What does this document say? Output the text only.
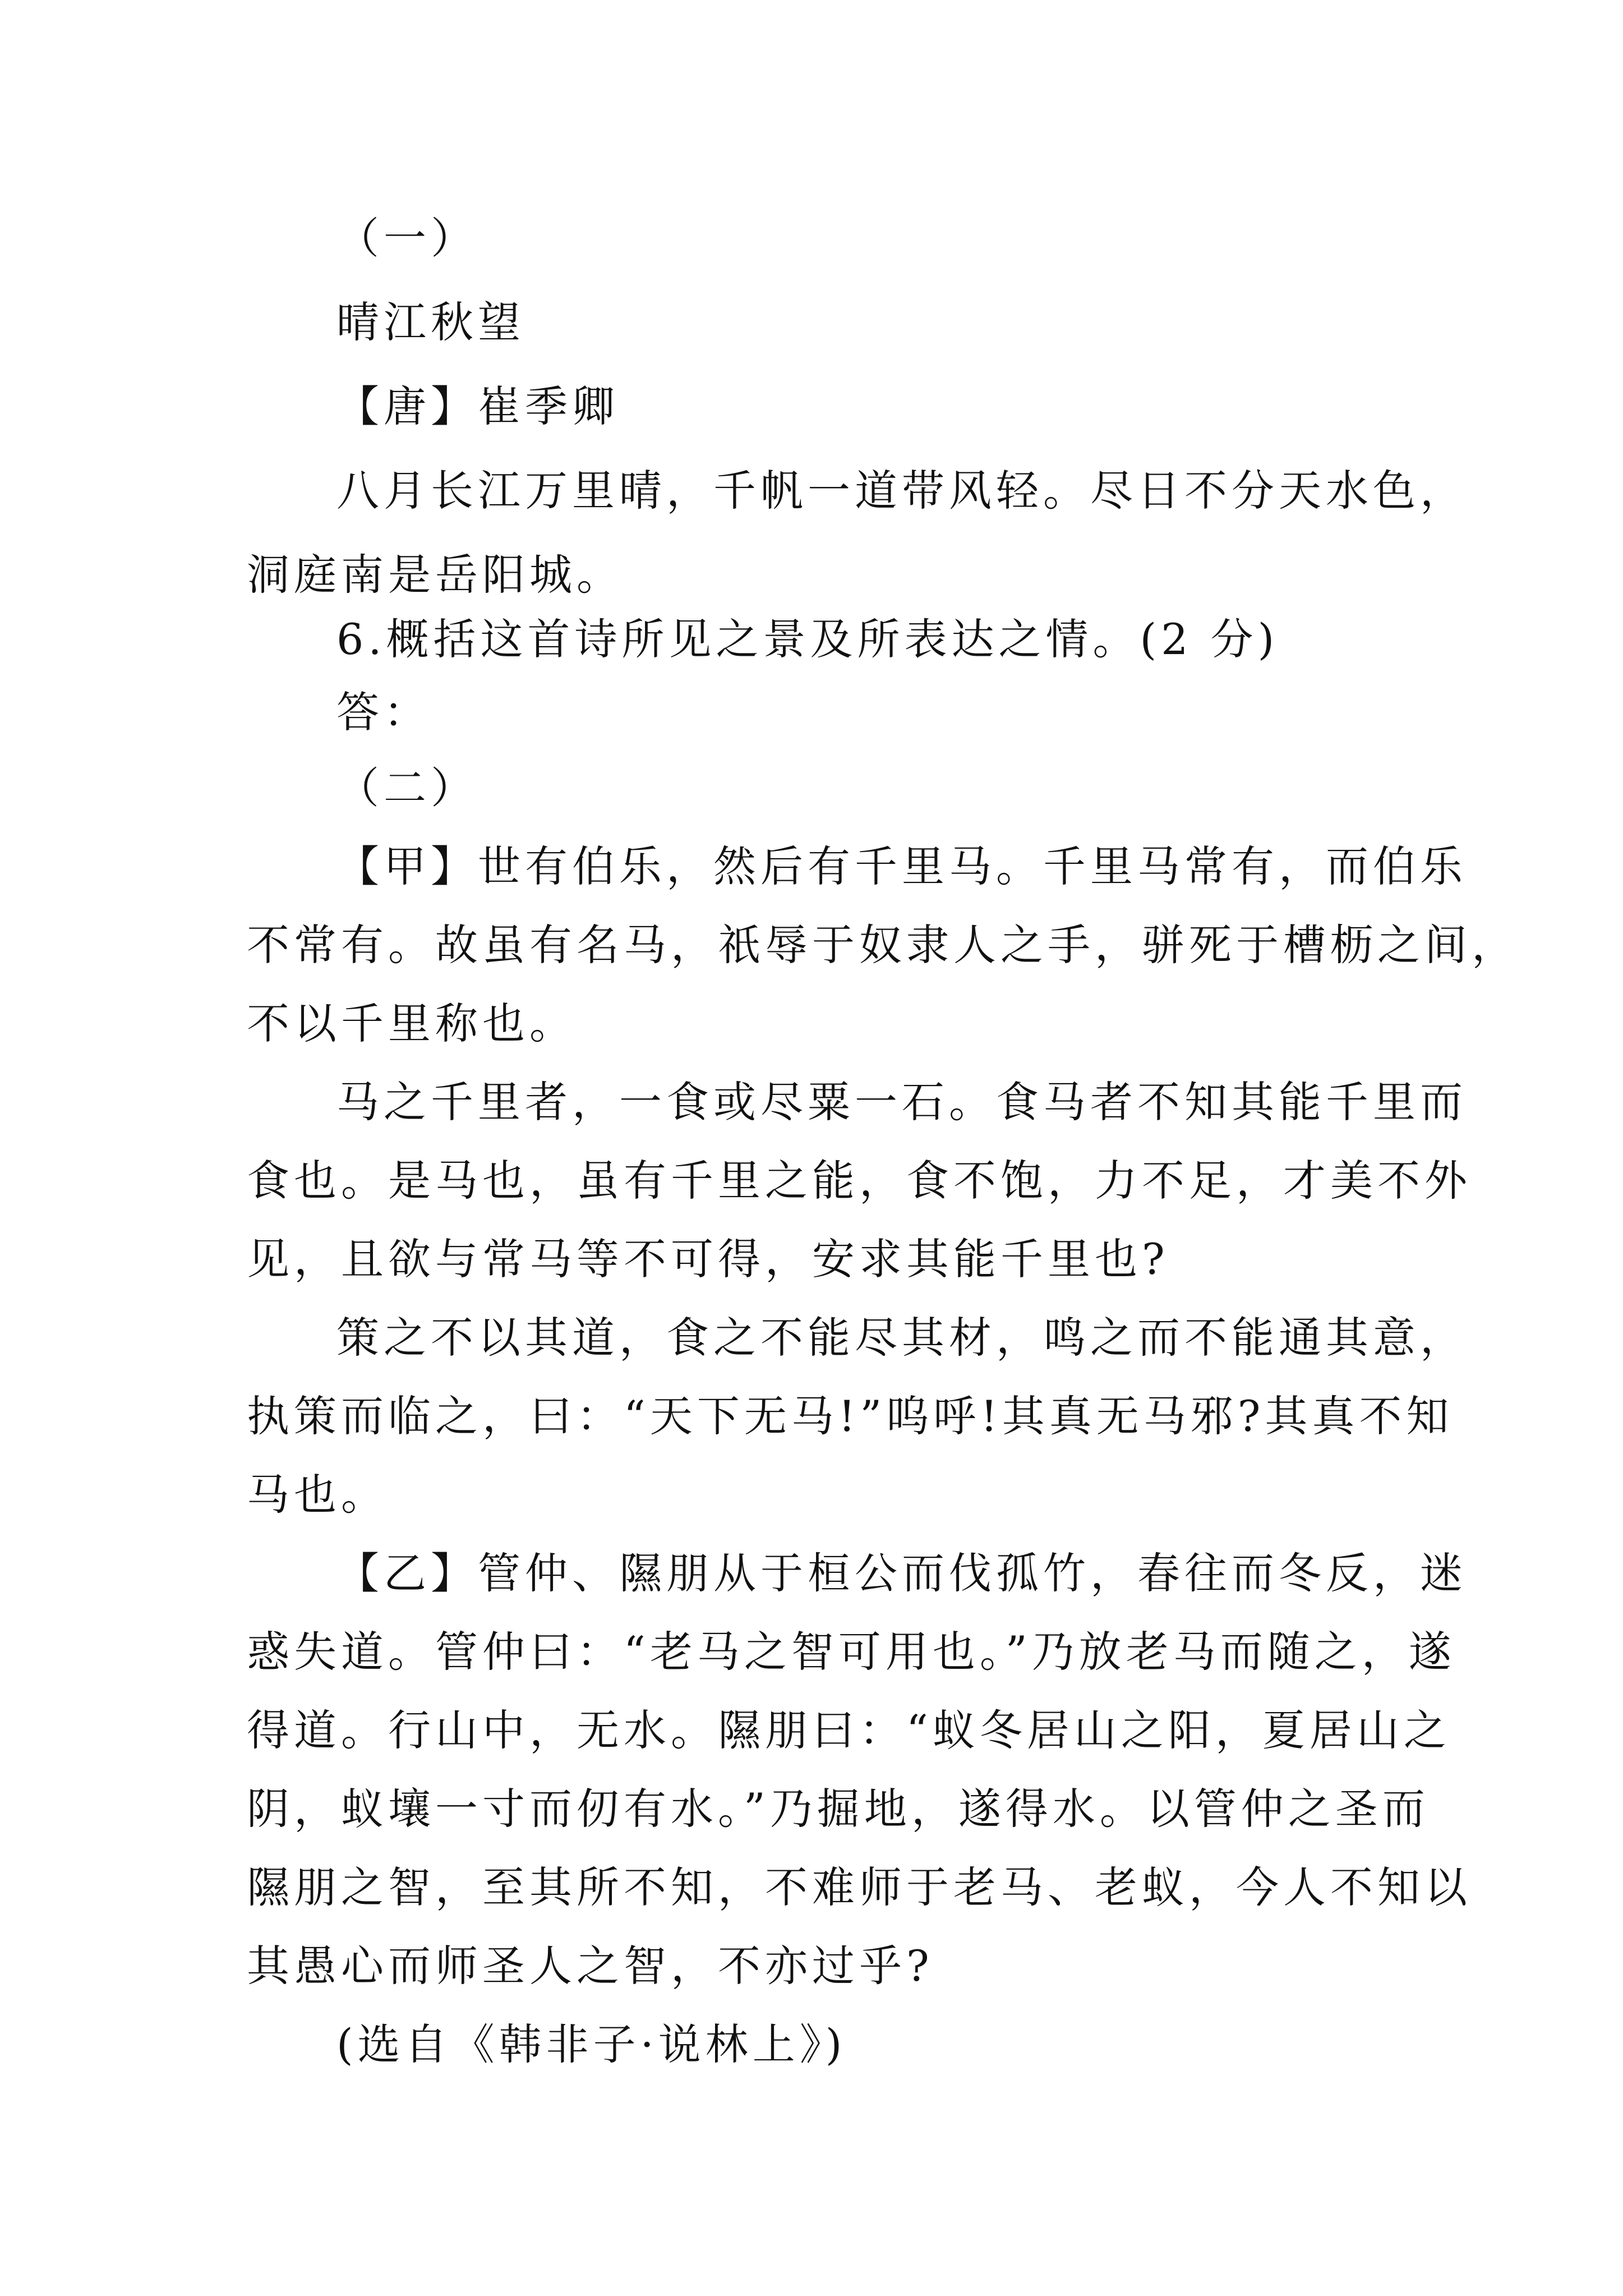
（一）
晴江秋望
【唐】崔季卿
八月长江万里晴，千帆一道带风轻。尽日不分天水色，
洞庭南是岳阳城。
6.概括这首诗所见之景及所表达之情。(2 分)
答：
（二）
【甲】世有伯乐，然后有千里马。千里马常有，而伯乐
不常有。故虽有名马，祇辱于奴隶人之手，骈死于槽枥之间，
不以千里称也。
马之千里者，一食或尽粟一石。食马者不知其能千里而
食也。是马也，虽有千里之能，食不饱，力不足，才美不外
见，且欲与常马等不可得，安求其能千里也?
策之不以其道，食之不能尽其材，鸣之而不能通其意，
执策而临之，曰：“天下无马!”呜呼!其真无马邪?其真不知
马也。
【乙】管仲、隰朋从于桓公而伐孤竹，春往而冬反，迷
惑失道。管仲曰：“老马之智可用也。”乃放老马而随之，遂
得道。行山中，无水。隰朋曰：“蚁冬居山之阳，夏居山之
阴，蚁壤一寸而仞有水。”乃掘地，遂得水。以管仲之圣而
隰朋之智，至其所不知，不难师于老马、老蚁，今人不知以
其愚心而师圣人之智，不亦过乎?
(选自《韩非子·说林上》)
